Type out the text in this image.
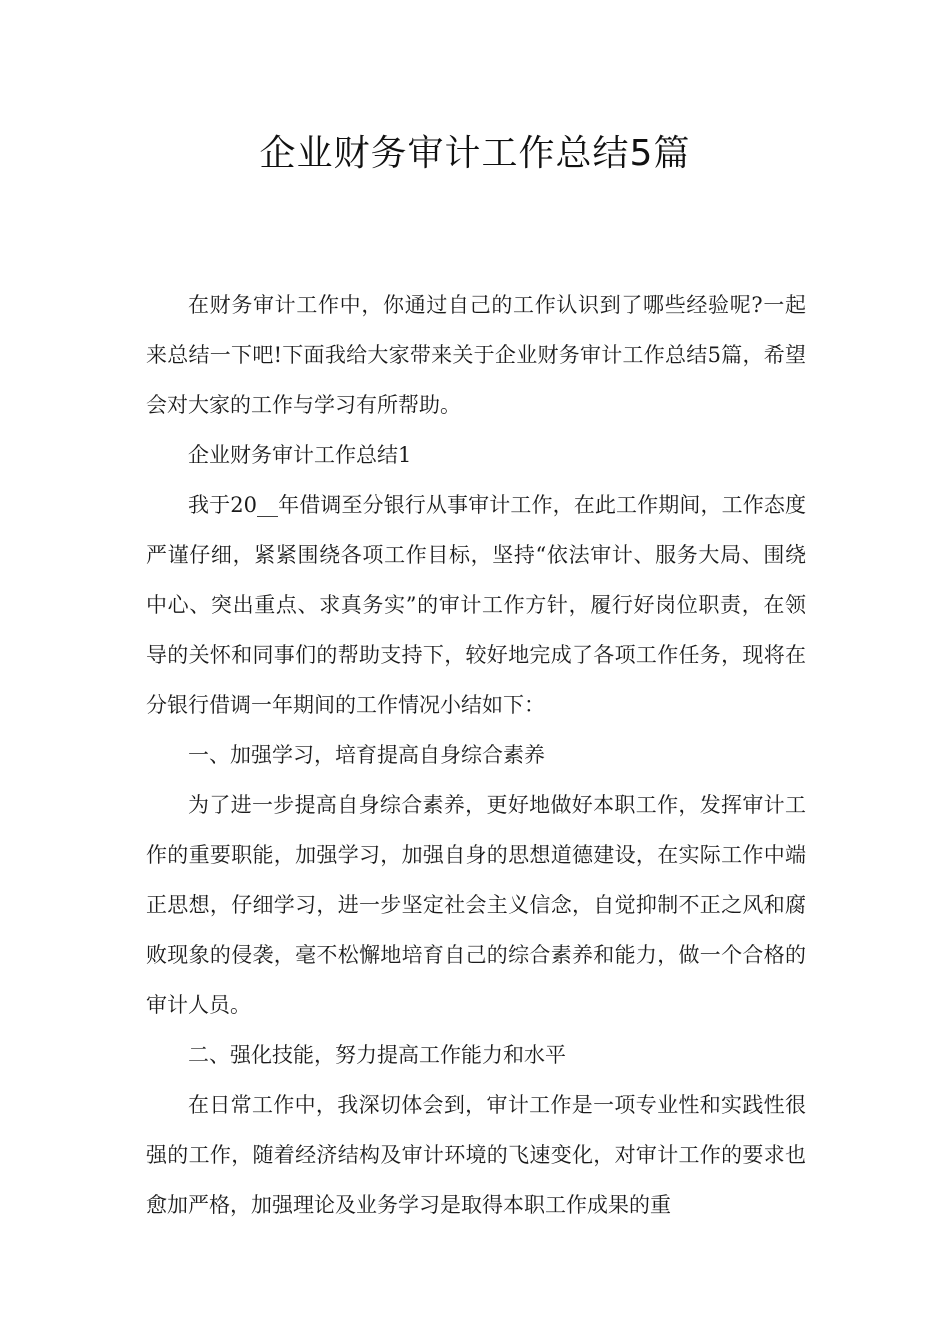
企业财务审计工作总结5篇

在财务审计工作中，你通过自己的工作认识到了哪些经验呢?一起来总结一下吧!下面我给大家带来关于企业财务审计工作总结5篇，希望会对大家的工作与学习有所帮助。

企业财务审计工作总结1

我于20__年借调至分银行从事审计工作，在此工作期间，工作态度严谨仔细，紧紧围绕各项工作目标，坚持“依法审计、服务大局、围绕中心、突出重点、求真务实”的审计工作方针，履行好岗位职责，在领导的关怀和同事们的帮助支持下，较好地完成了各项工作任务，现将在分银行借调一年期间的工作情况小结如下：

一、加强学习，培育提高自身综合素养

为了进一步提高自身综合素养，更好地做好本职工作，发挥审计工作的重要职能，加强学习，加强自身的思想道德建设，在实际工作中端正思想，仔细学习，进一步坚定社会主义信念，自觉抑制不正之风和腐败现象的侵袭，毫不松懈地培育自己的综合素养和能力，做一个合格的审计人员。

二、强化技能，努力提高工作能力和水平

在日常工作中，我深切体会到，审计工作是一项专业性和实践性很强的工作，随着经济结构及审计环境的飞速变化，对审计工作的要求也愈加严格，加强理论及业务学习是取得本职工作成果的重
